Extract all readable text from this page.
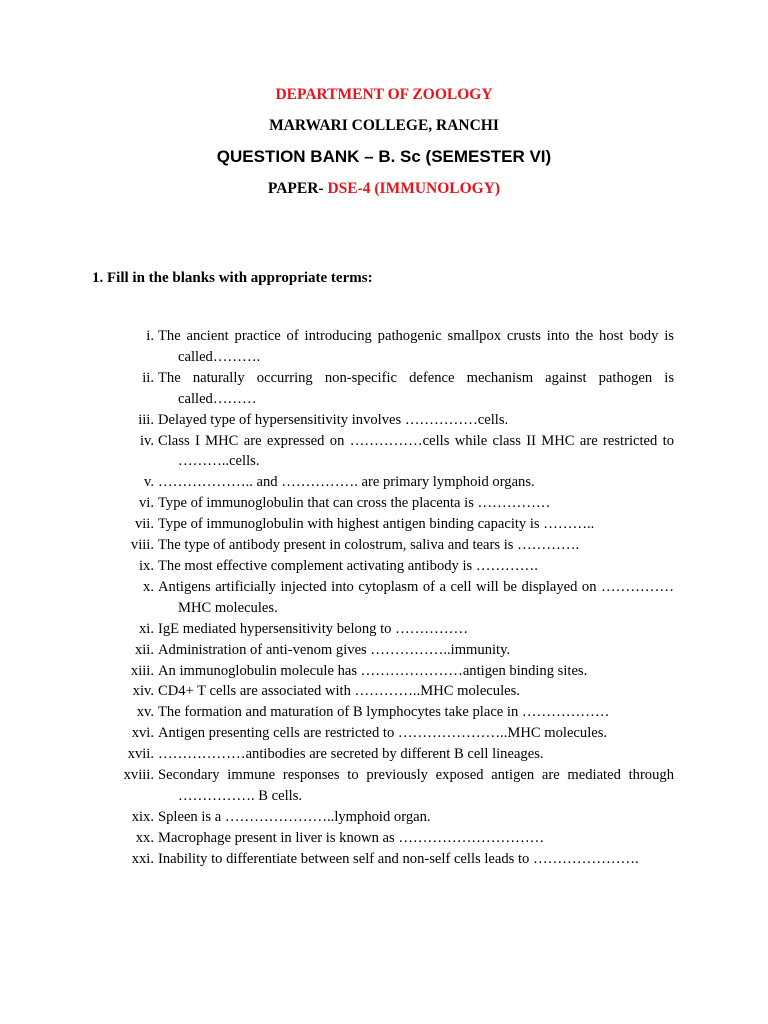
DEPARTMENT OF ZOOLOGY
MARWARI COLLEGE, RANCHI
QUESTION BANK – B. Sc (SEMESTER VI)
PAPER- DSE-4 (IMMUNOLOGY)
1. Fill in the blanks with appropriate terms:
i. The ancient practice of introducing pathogenic smallpox crusts into the host body is called……….
ii. The naturally occurring non-specific defence mechanism against pathogen is called………
iii. Delayed type of hypersensitivity involves ……………cells.
iv. Class I MHC are expressed on ……………cells while class II MHC are restricted to ………..cells.
v. ……………….. and ……………. are primary lymphoid organs.
vi. Type of immunoglobulin that can cross the placenta is ……………
vii. Type of immunoglobulin with highest antigen binding capacity is ………..
viii. The type of antibody present in colostrum, saliva and tears is ………….
ix. The most effective complement activating antibody is ………….
x. Antigens artificially injected into cytoplasm of a cell will be displayed on ……………MHC molecules.
xi. IgE mediated hypersensitivity belong to ……………
xii. Administration of anti-venom gives ……………..immunity.
xiii. An immunoglobulin molecule has …………………antigen binding sites.
xiv. CD4+ T cells are associated with …………..MHC molecules.
xv. The formation and maturation of B lymphocytes take place in ………………
xvi. Antigen presenting cells are restricted to …………………..MHC molecules.
xvii. ………………antibodies are secreted by different B cell lineages.
xviii. Secondary immune responses to previously exposed antigen are mediated through ……………. B cells.
xix. Spleen is a …………………..lymphoid organ.
xx. Macrophage present in liver is known as …………………………
xxi. Inability to differentiate between self and non-self cells leads to ………………….
